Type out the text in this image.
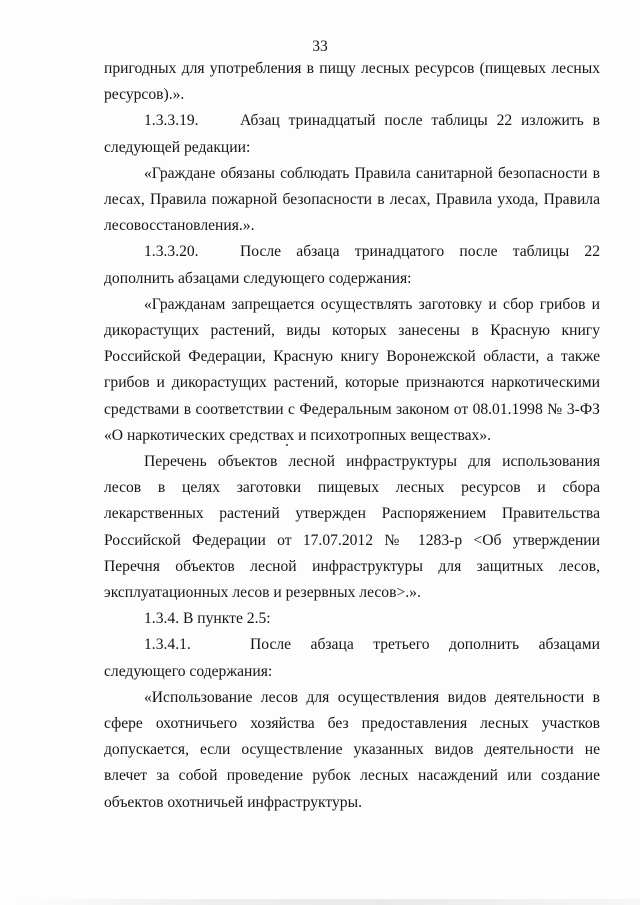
33

пригодных для употребления в пищу лесных ресурсов (пищевых лесных ресурсов).».

1.3.3.19.	Абзац тринадцатый после таблицы 22 изложить в следующей редакции:

«Граждане обязаны соблюдать Правила санитарной безопасности в лесах, Правила пожарной безопасности в лесах, Правила ухода, Правила лесовосстановления.».

1.3.3.20.	После абзаца тринадцатого после таблицы 22 дополнить абзацами следующего содержания:

«Гражданам запрещается осуществлять заготовку и сбор грибов и дикорастущих растений, виды которых занесены в Красную книгу Российской Федерации, Красную книгу Воронежской области, а также грибов и дикорастущих растений, которые признаются наркотическими средствами в соответствии с Федеральным законом от 08.01.1998 № 3-ФЗ «О наркотических средствах и психотропных веществах».

Перечень объектов лесной инфраструктуры для использования лесов в целях заготовки пищевых лесных ресурсов и сбора лекарственных растений утвержден Распоряжением Правительства Российской Федерации от 17.07.2012 № 1283-р <Об утверждении Перечня объектов лесной инфраструктуры для защитных лесов, эксплуатационных лесов и резервных лесов>.».

1.3.4. В пункте 2.5:

1.3.4.1.	После абзаца третьего дополнить абзацами следующего содержания:

«Использование лесов для осуществления видов деятельности в сфере охотничьего хозяйства без предоставления лесных участков допускается, если осуществление указанных видов деятельности не влечет за собой проведение рубок лесных насаждений или создание объектов охотничьей инфраструктуры.
